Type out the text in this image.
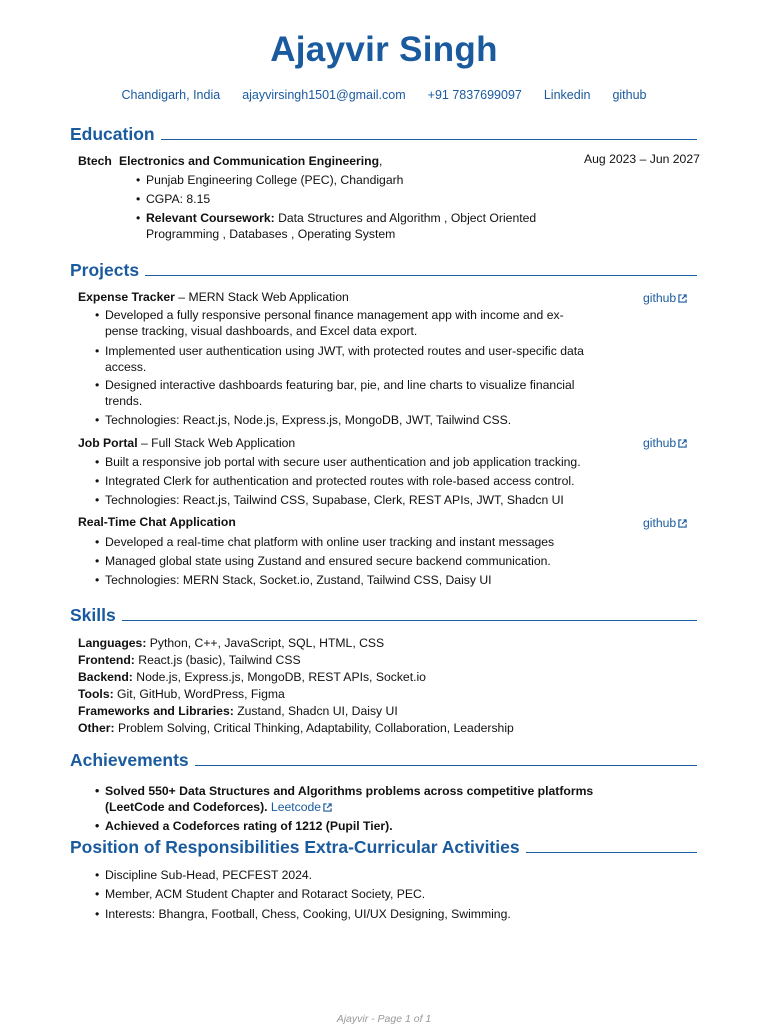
Ajayvir Singh
Chandigarh, India ajayvirsingh1501@gmail.com +91 7837699097 Linkedin github
Education
Btech Electronics and Communication Engineering,	Aug 2023 – Jun 2027
• Punjab Engineering College (PEC), Chandigarh
• CGPA: 8.15
• Relevant Coursework: Data Structures and Algorithm , Object Oriented
Programming , Databases , Operating System
Projects
Expense Tracker – MERN Stack Web Application	github
• Developed a fully responsive personal finance management app with income and ex-
pense tracking, visual dashboards, and Excel data export.
• Implemented user authentication using JWT, with protected routes and user-specific data
access.
• Designed interactive dashboards featuring bar, pie, and line charts to visualize financial
trends.
• Technologies: React.js, Node.js, Express.js, MongoDB, JWT, Tailwind CSS.
Job Portal – Full Stack Web Application	github
• Built a responsive job portal with secure user authentication and job application tracking.
• Integrated Clerk for authentication and protected routes with role-based access control.
• Technologies: React.js, Tailwind CSS, Supabase, Clerk, REST APIs, JWT, Shadcn UI
Real-Time Chat Application	github
• Developed a real-time chat platform with online user tracking and instant messages
• Managed global state using Zustand and ensured secure backend communication.
• Technologies: MERN Stack, Socket.io, Zustand, Tailwind CSS, Daisy UI
Skills
Languages: Python, C++, JavaScript, SQL, HTML, CSS
Frontend: React.js (basic), Tailwind CSS
Backend: Node.js, Express.js, MongoDB, REST APIs, Socket.io
Tools: Git, GitHub, WordPress, Figma
Frameworks and Libraries: Zustand, Shadcn UI, Daisy UI
Other: Problem Solving, Critical Thinking, Adaptability, Collaboration, Leadership
Achievements
• Solved 550+ Data Structures and Algorithms problems across competitive platforms
(LeetCode and Codeforces). Leetcode
• Achieved a Codeforces rating of 1212 (Pupil Tier).
Position of Responsibilities Extra-Curricular Activities
• Discipline Sub-Head, PECFEST 2024.
• Member, ACM Student Chapter and Rotaract Society, PEC.
• Interests: Bhangra, Football, Chess, Cooking, UI/UX Designing, Swimming.
Ajayvir - Page 1 of 1
